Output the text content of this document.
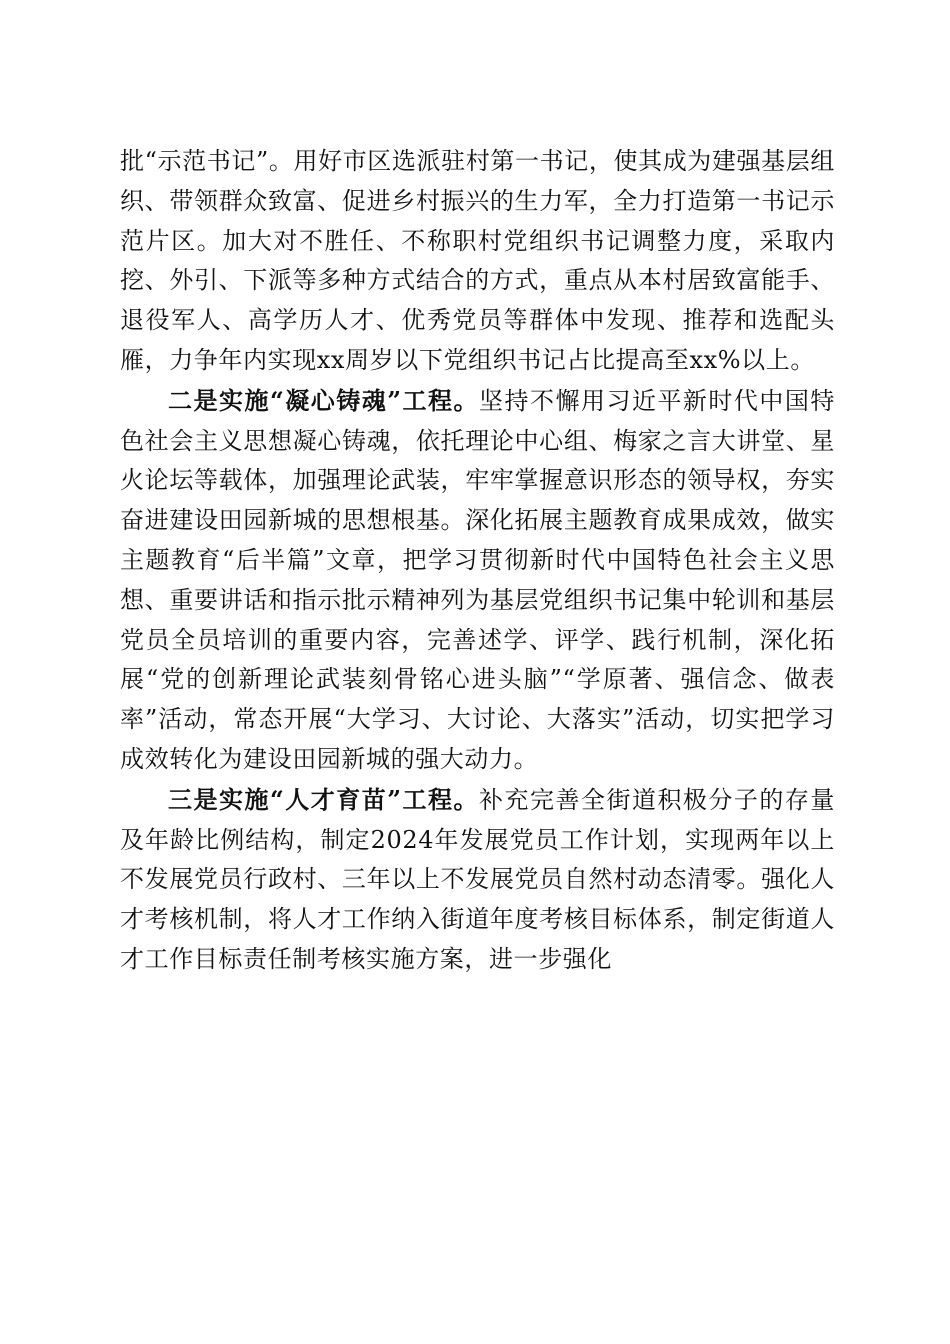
批“示范书记”。用好市区选派驻村第一书记，使其成为建强基层组织、带领群众致富、促进乡村振兴的生力军，全力打造第一书记示范片区。加大对不胜任、不称职村党组织书记调整力度，采取内挖、外引、下派等多种方式结合的方式，重点从本村居致富能手、退役军人、高学历人才、优秀党员等群体中发现、推荐和选配头雁，力争年内实现xx周岁以下党组织书记占比提高至xx%以上。

二是实施“凝心铸魂”工程。坚持不懈用习近平新时代中国特色社会主义思想凝心铸魂，依托理论中心组、梅家之言大讲堂、星火论坛等载体，加强理论武装，牢牢掌握意识形态的领导权，夯实奋进建设田园新城的思想根基。深化拓展主题教育成果成效，做实主题教育“后半篇”文章，把学习贯彻新时代中国特色社会主义思想、重要讲话和指示批示精神列为基层党组织书记集中轮训和基层党员全员培训的重要内容，完善述学、评学、践行机制，深化拓展“党的创新理论武装刻骨铭心进头脑”“学原著、强信念、做表率”活动，常态开展“大学习、大讨论、大落实”活动，切实把学习成效转化为建设田园新城的强大动力。

三是实施“人才育苗”工程。补充完善全街道积极分子的存量及年龄比例结构，制定2024年发展党员工作计划，实现两年以上不发展党员行政村、三年以上不发展党员自然村动态清零。强化人才考核机制，将人才工作纳入街道年度考核目标体系，制定街道人才工作目标责任制考核实施方案，进一步强化
